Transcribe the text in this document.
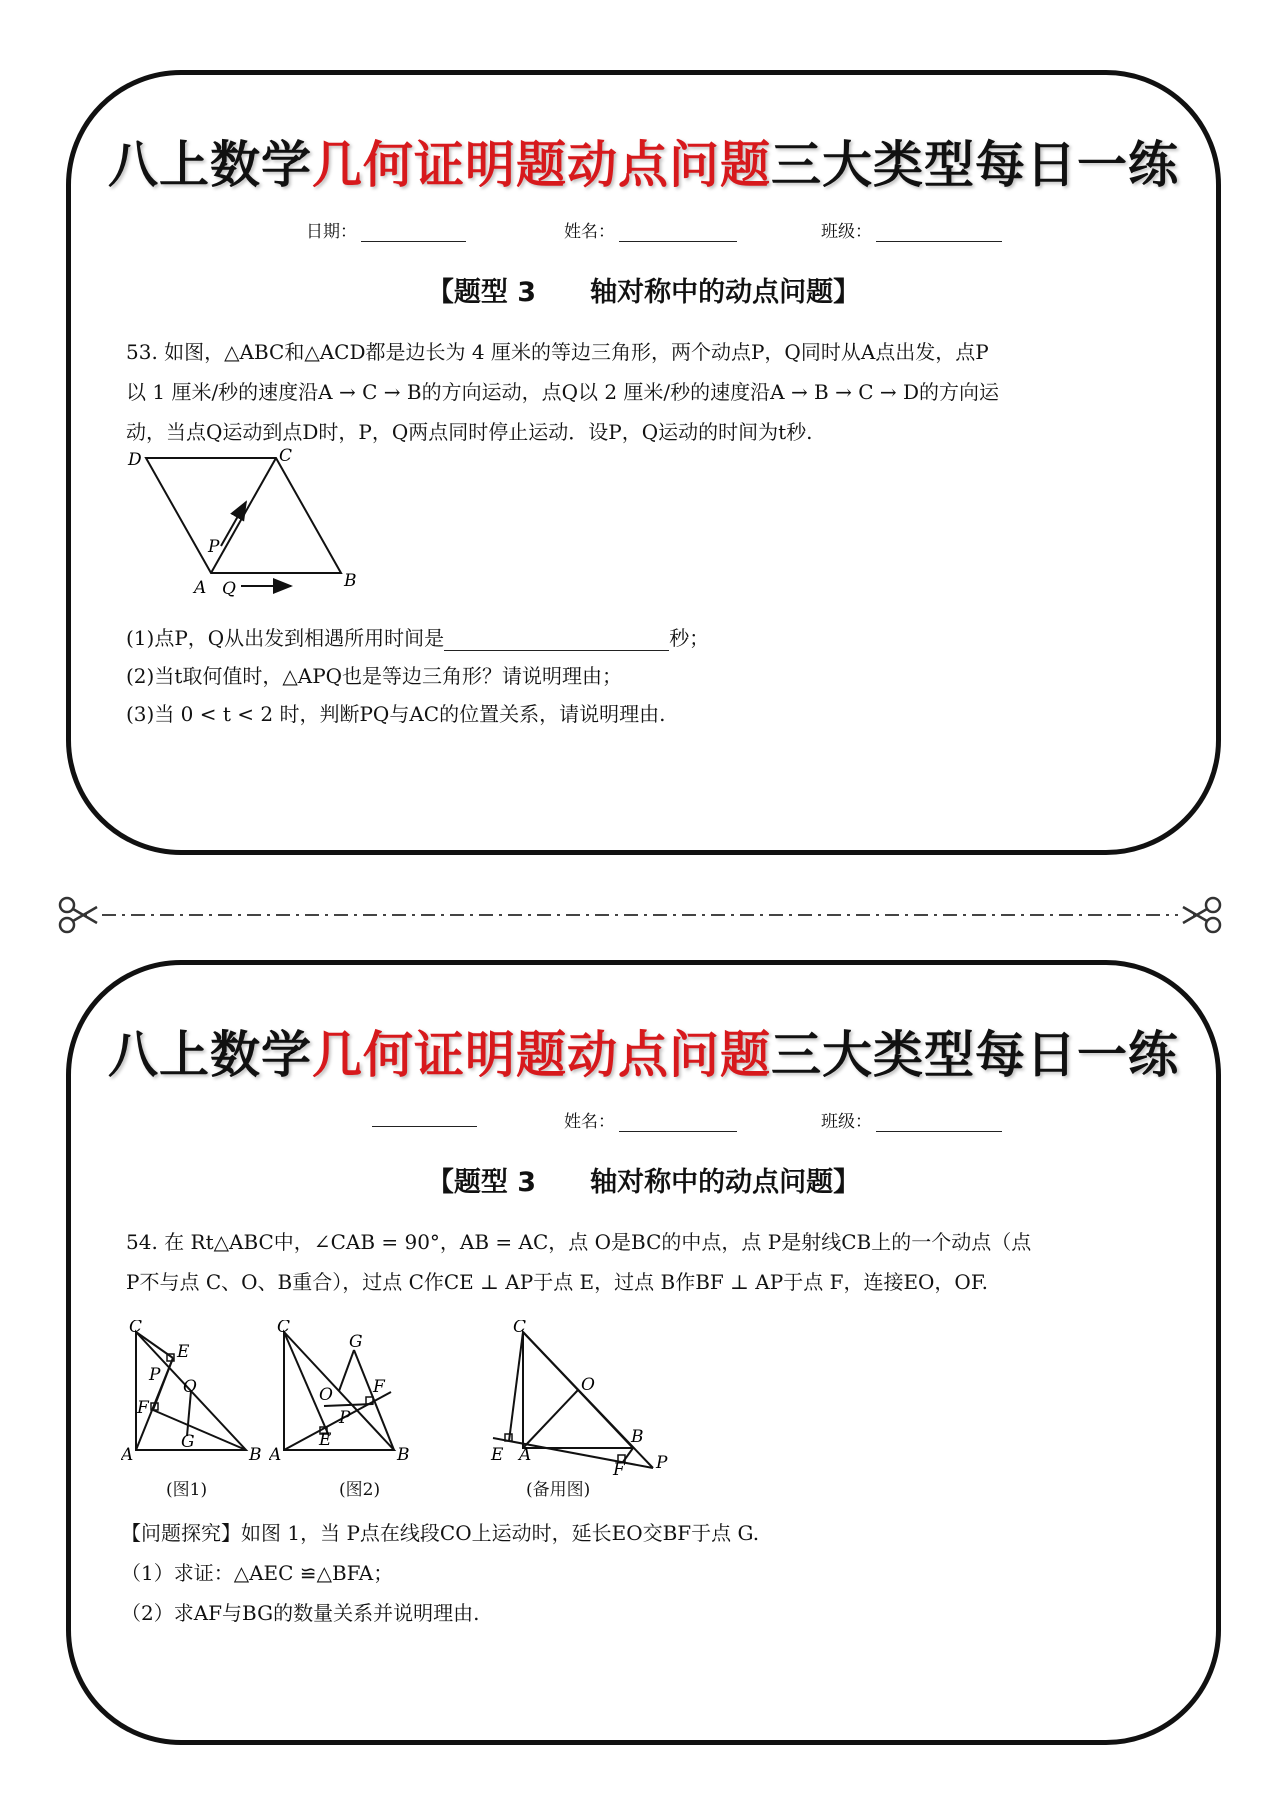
八上数学几何证明题动点问题三大类型每日一练
日期：	姓名：	班级：
【题型 3　　轴对称中的动点问题】
53. 如图，△ABC和△ACD都是边长为 4 厘米的等边三角形，两个动点P，Q同时从A点出发，点P
以 1 厘米/秒的速度沿A → C → B的方向运动，点Q以 2 厘米/秒的速度沿A → B → C → D的方向运
动，当点Q运动到点D时，P，Q两点同时停止运动．设P，Q运动的时间为t秒.
D	C
P
A Q	B
(1)点P，Q从出发到相遇所用时间是	秒；
(2)当t取何值时，△APQ也是等边三角形？请说明理由；
(3)当 0 < t < 2 时，判断PQ与AC的位置关系，请说明理由.
八上数学几何证明题动点问题三大类型每日一练
姓名：	班级：
【题型 3　　轴对称中的动点问题】
54. 在 Rt△ABC中，∠CAB = 90°，AB = AC，点 O是BC的中点，点 P是射线CB上的一个动点（点
P不与点 C、O、B重合），过点 C作CE ⊥ AP于点 E，过点 B作BF ⊥ AP于点 F，连接EO，OF.
C
E
P
O
F
A
G
B
(图1)
C
G
O F
P
E
A	B
(图2)
C
O
B
E A
F P
(备用图)
【问题探究】如图 1，当 P点在线段CO上运动时，延长EO交BF于点 G.
（1）求证：△AEC ≌△BFA；
（2）求AF与BG的数量关系并说明理由.
